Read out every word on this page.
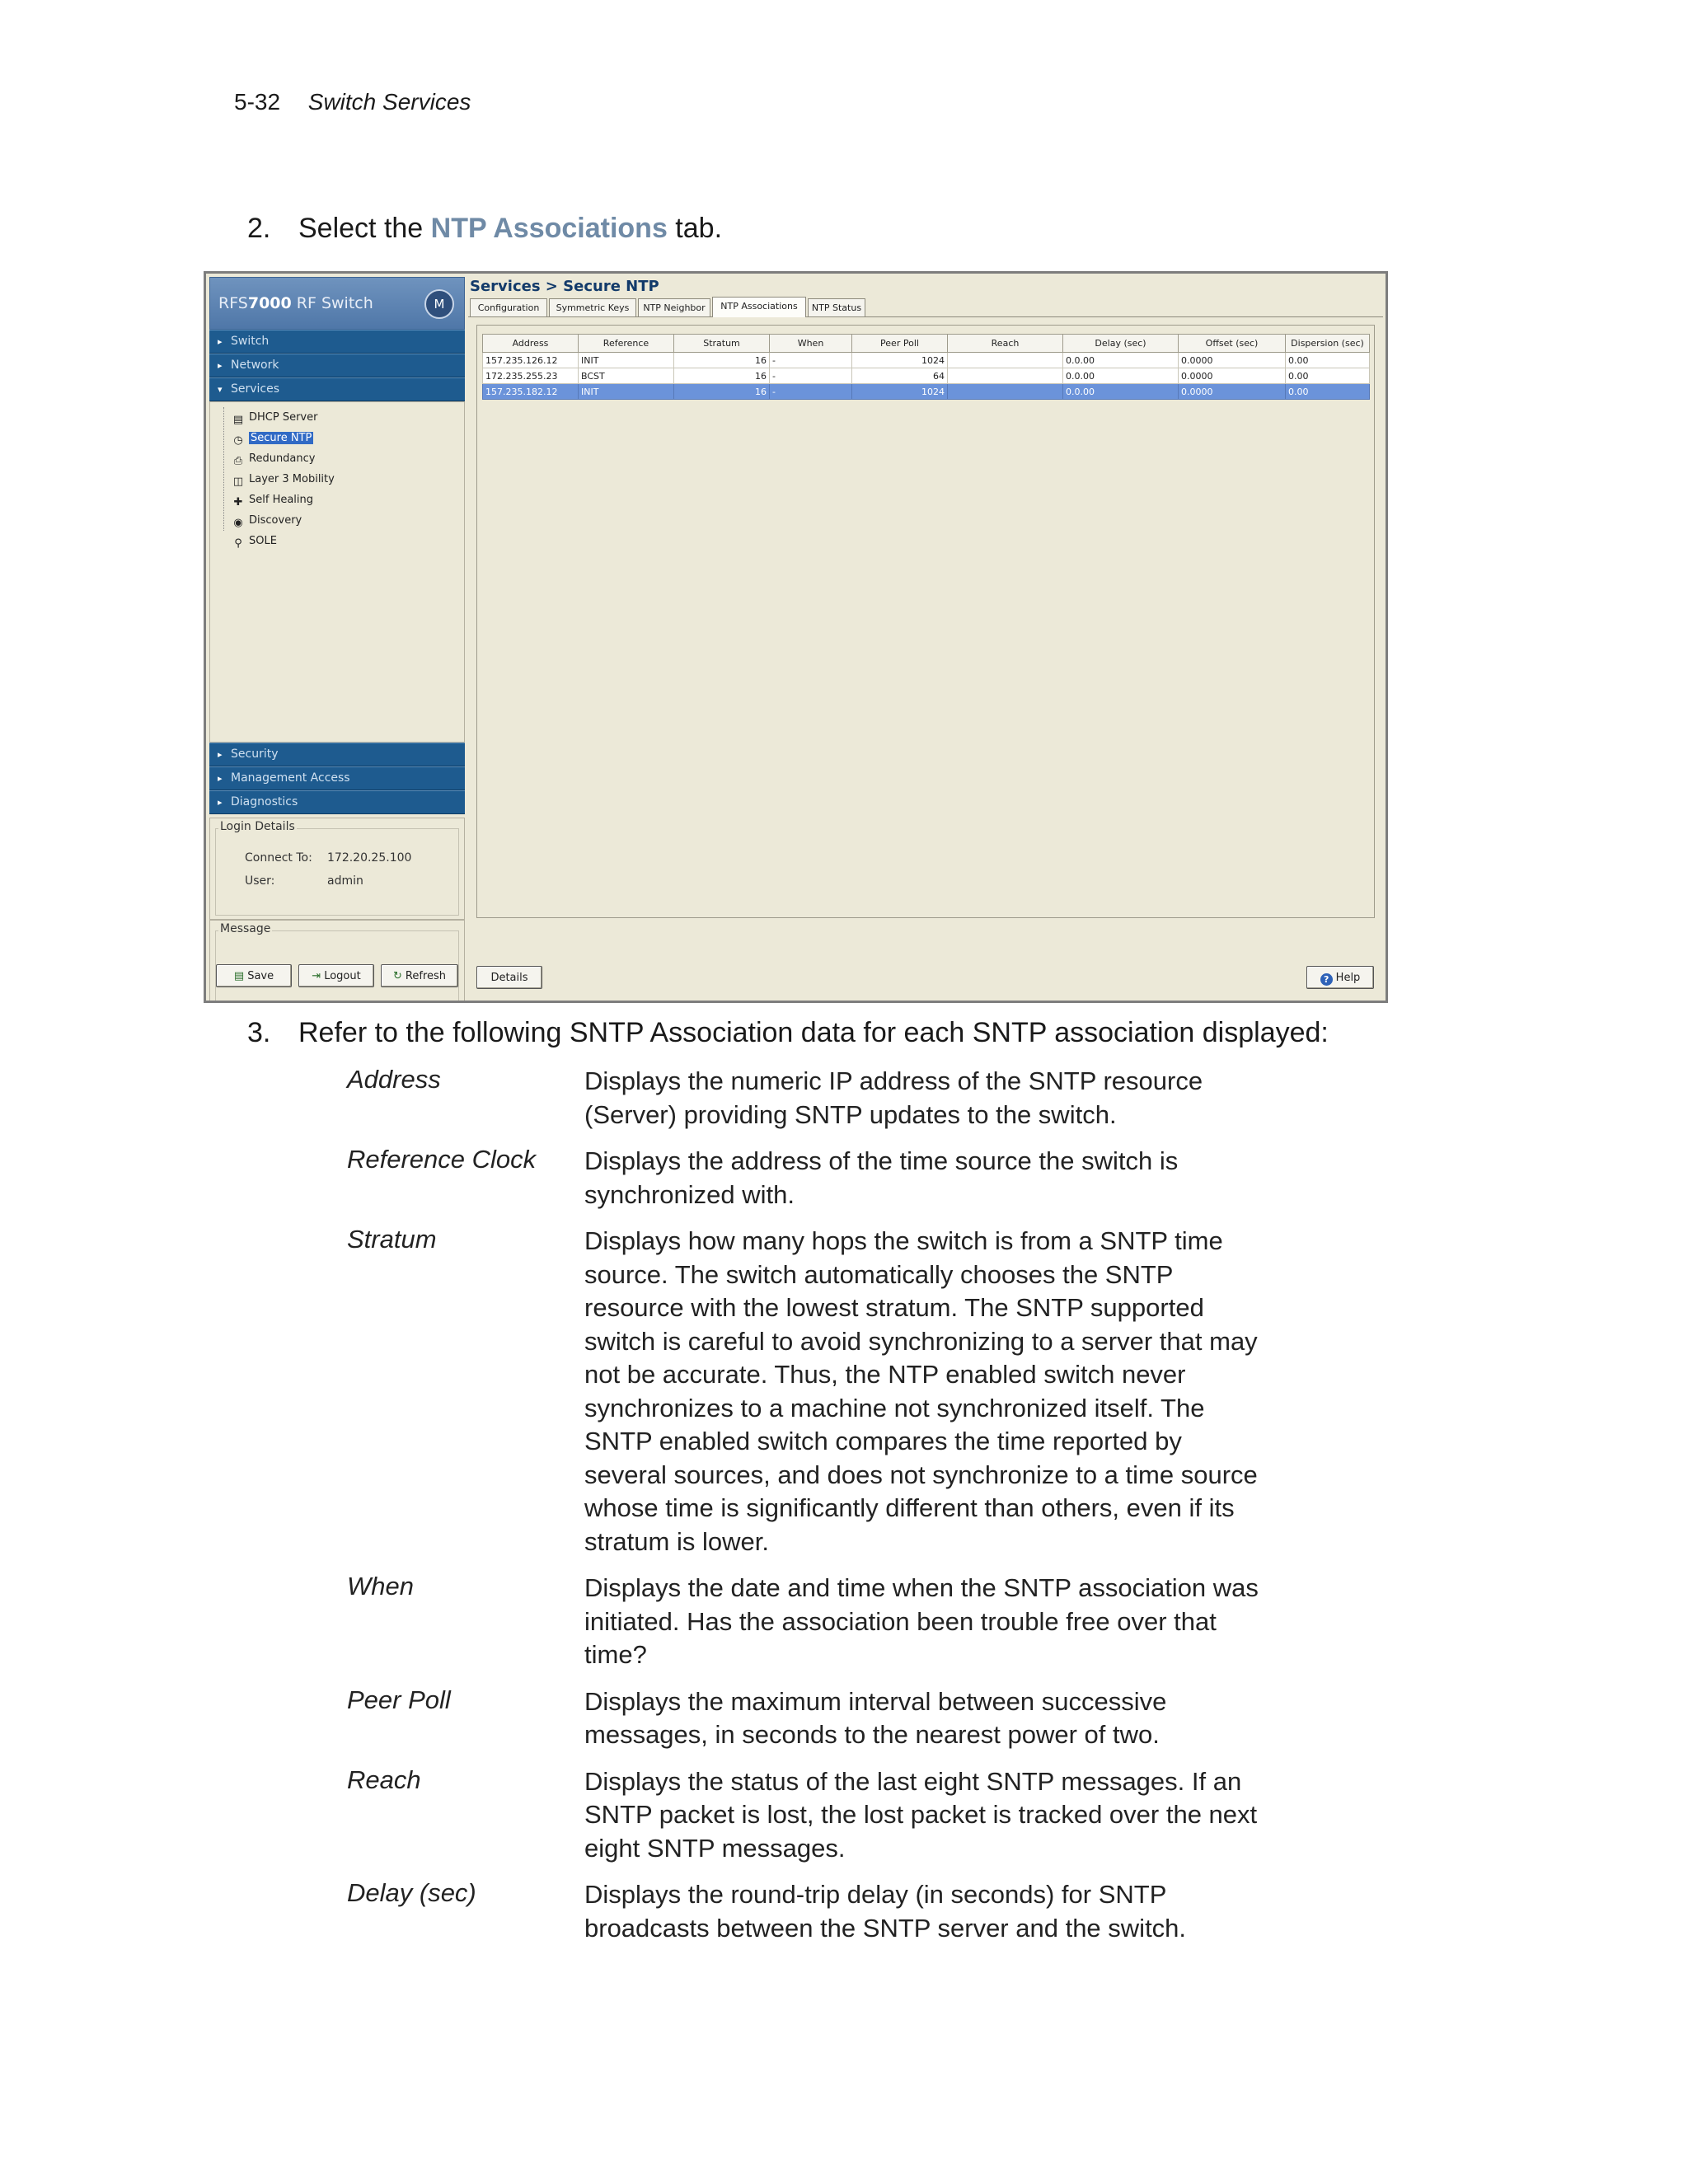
5-32 Switch Services
2. Select the NTP Associations tab.
RFS7000 RF Switch	M
▸ Switch
▸ Network
▾ Services
▤ DHCP Server
◷ Secure NTP
⎙ Redundancy
◫ Layer 3 Mobility
✚ Self Healing
◉ Discovery
⚲ SOLE
▸ Security
▸ Management Access
▸ Diagnostics
Login Details
Connect To: 172.20.25.100
User:	admin
Message
▤ Save	⇥ Logout	↻ Refresh
Services > Secure NTP
Configuration	Symmetric Keys	NTP Neighbor	NTP Associations	NTP Status
Address	Reference	Stratum	When	Peer Poll	Reach	Delay (sec)	Offset (sec)	Dispersion (sec)
157.235.126.12	INIT	16	-	1024		0.0.00	0.0000	0.00
172.235.255.23	BCST	16	-	64		0.0.00	0.0000	0.00
157.235.182.12	INIT	16	-	1024		0.0.00	0.0000	0.00
Details	? Help
3. Refer to the following SNTP Association data for each SNTP association displayed:
Address	Displays the numeric IP address of the SNTP resource (Server) providing SNTP updates to the switch.
Reference Clock Displays the address of the time source the switch is synchronized with.
Stratum	Displays how many hops the switch is from a SNTP time source. The switch automatically chooses the SNTP resource with the lowest stratum. The SNTP supported switch is careful to avoid synchronizing to a server that may not be accurate. Thus, the NTP enabled switch never synchronizes to a machine not synchronized itself. The SNTP enabled switch compares the time reported by several sources, and does not synchronize to a time source whose time is significantly different than others, even if its stratum is lower.
When	Displays the date and time when the SNTP association was initiated. Has the association been trouble free over that time?
Peer Poll	Displays the maximum interval between successive messages, in seconds to the nearest power of two.
Reach	Displays the status of the last eight SNTP messages. If an SNTP packet is lost, the lost packet is tracked over the next eight SNTP messages.
Delay (sec)	Displays the round-trip delay (in seconds) for SNTP broadcasts between the SNTP server and the switch.
